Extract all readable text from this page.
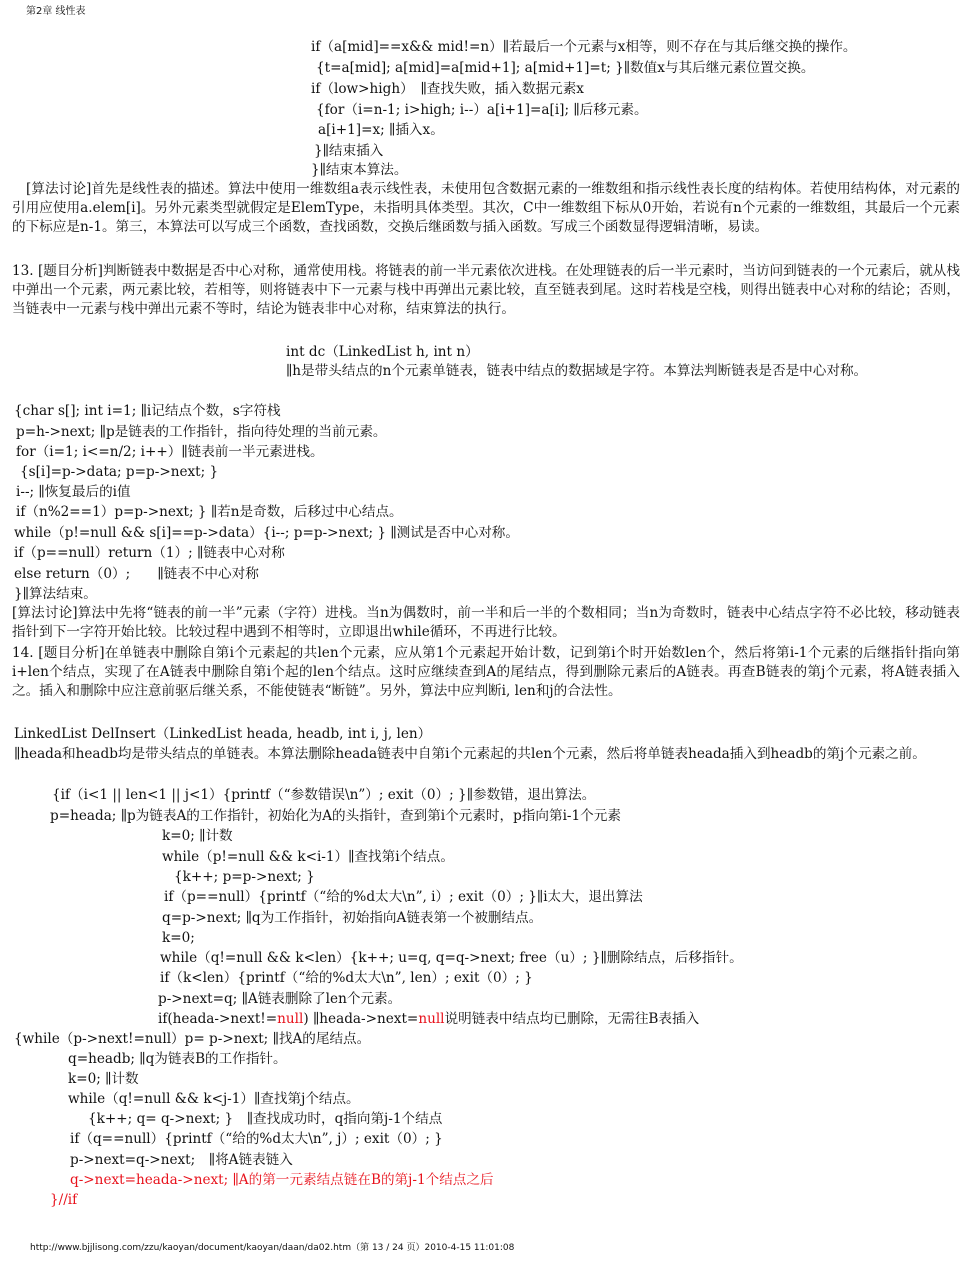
第2章 线性表
if（a[mid]==x&& mid!=n）∥若最后一个元素与x相等，则不存在与其后继交换的操作。
{t=a[mid]; a[mid]=a[mid+1]; a[mid+1]=t; }∥数值x与其后继元素位置交换。
if（low>high）　∥查找失败，插入数据元素x
{for（i=n-1; i>high; i--）a[i+1]=a[i]; ∥后移元素。
a[i+1]=x; ∥插入x。
}∥结束插入
}∥结束本算法。
[算法讨论]首先是线性表的描述。算法中使用一维数组a表示线性表，未使用包含数据元素的一维数组和指示线性表长度的结构体。若使用结构体，对元素的引用应使用a.elem[i]。另外元素类型就假定是ElemType，未指明具体类型。其次，C中一维数组下标从0开始，若说有n个元素的一维数组，其最后一个元素的下标应是n-1。第三，本算法可以写成三个函数，查找函数，交换后继函数与插入函数。写成三个函数显得逻辑清晰，易读。
13. [题目分析]判断链表中数据是否中心对称，通常使用栈。将链表的前一半元素依次进栈。在处理链表的后一半元素时，当访问到链表的一个元素后，就从栈中弹出一个元素，两元素比较，若相等，则将链表中下一元素与栈中再弹出元素比较，直至链表到尾。这时若栈是空栈，则得出链表中心对称的结论；否则，当链表中一元素与栈中弹出元素不等时，结论为链表非中心对称，结束算法的执行。
int dc（LinkedList h, int n）
∥h是带头结点的n个元素单链表，链表中结点的数据域是字符。本算法判断链表是否是中心对称。
{char s[]; int i=1; ∥i记结点个数，s字符栈
p=h->next; ∥p是链表的工作指针，指向待处理的当前元素。
for（i=1; i<=n/2; i++）∥链表前一半元素进栈。
{s[i]=p->data; p=p->next; }
i--; ∥恢复最后的i值
if（n%2==1）p=p->next; } ∥若n是奇数，后移过中心结点。
while（p!=null && s[i]==p->data）{i--; p=p->next; } ∥测试是否中心对称。
if（p==null）return（1）; ∥链表中心对称
else return（0）;　　∥链表不中心对称
}∥算法结束。
[算法讨论]算法中先将“链表的前一半”元素（字符）进栈。当n为偶数时，前一半和后一半的个数相同；当n为奇数时，链表中心结点字符不必比较，移动链表指针到下一字符开始比较。比较过程中遇到不相等时，立即退出while循环，不再进行比较。
14. [题目分析]在单链表中删除自第i个元素起的共len个元素，应从第1个元素起开始计数，记到第i个时开始数len个，然后将第i-1个元素的后继指针指向第i+len个结点，实现了在A链表中删除自第i个起的len个结点。这时应继续查到A的尾结点，得到删除元素后的A链表。再查B链表的第j个元素，将A链表插入之。插入和删除中应注意前驱后继关系，不能使链表“断链”。另外，算法中应判断i, len和j的合法性。
LinkedList DelInsert（LinkedList heada, headb, int i, j, len）
∥heada和headb均是带头结点的单链表。本算法删除heada链表中自第i个元素起的共len个元素，然后将单链表heada插入到headb的第j个元素之前。
{if（i<1 || len<1 || j<1）{printf（“参数错误\n”）; exit（0）; }∥参数错，退出算法。
p=heada; ∥p为链表A的工作指针，初始化为A的头指针，查到第i个元素时，p指向第i-1个元素
k=0; ∥计数
while（p!=null && k<i-1）∥查找第i个结点。
{k++; p=p->next; }
if（p==null）{printf（“给的%d太大\n”, i）; exit（0）; }∥i太大，退出算法
q=p->next; ∥q为工作指针，初始指向A链表第一个被删结点。
k=0;
while（q!=null && k<len）{k++; u=q, q=q->next; free（u）; }∥删除结点，后移指针。
if（k<len）{printf（“给的%d太大\n”, len）; exit（0）; }
p->next=q; ∥A链表删除了len个元素。
if(heada->next!=null) ∥heada->next=null说明链表中结点均已删除，无需往B表插入
{while（p->next!=null）p= p->next; ∥找A的尾结点。
q=headb; ∥q为链表B的工作指针。
k=0; ∥计数
while（q!=null && k<j-1）∥查找第j个结点。
{k++; q= q->next; }　∥查找成功时，q指向第j-1个结点
if（q==null）{printf（“给的%d太大\n”, j）; exit（0）; }
p->next=q->next;　∥将A链表链入
q->next=heada->next; ∥A的第一元素结点链在B的第j-1个结点之后
}//if
http://www.bjjlisong.com/zzu/kaoyan/document/kaoyan/daan/da02.htm（第 13 / 24 页）2010-4-15 11:01:08
